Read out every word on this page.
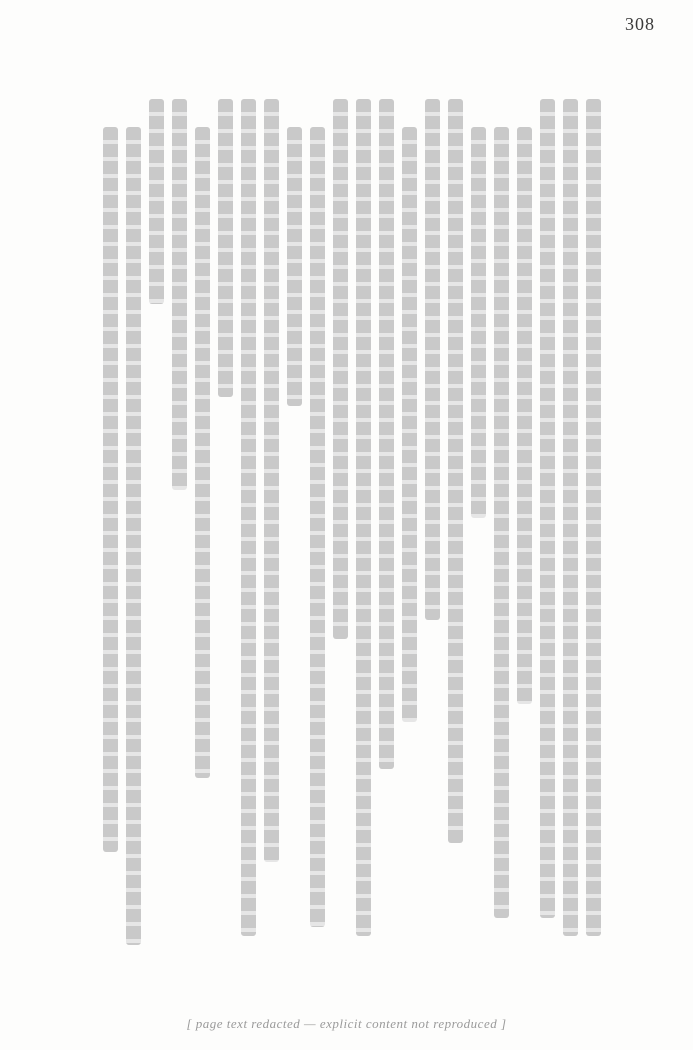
308
[ page text redacted — explicit content not reproduced ]
